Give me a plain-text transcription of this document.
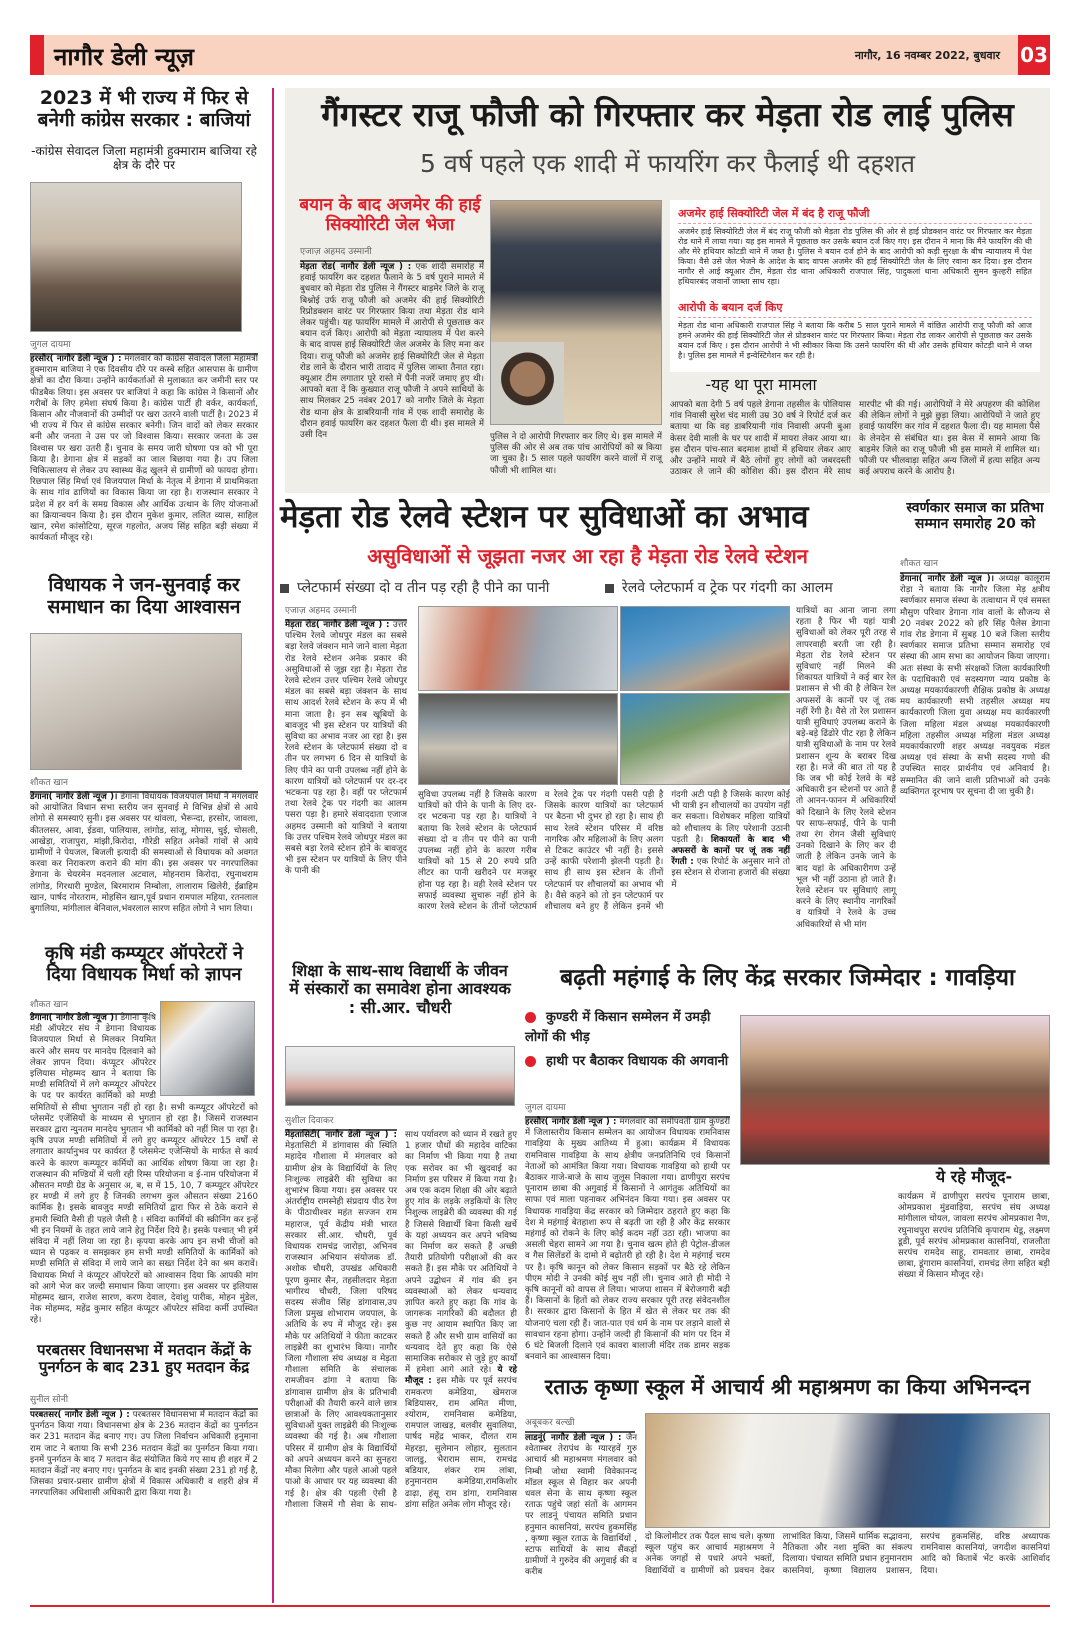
नागौर डेली न्यूज़	नागौर, 16 नवम्बर 2022, बुधवार 03
2023 में भी राज्य में फिर से बनेगी कांग्रेस सरकार : बाजियां
-कांग्रेस सेवादल जिला महामंत्री हुक्माराम बाजिया रहे क्षेत्र के दौरे पर
जुगल दायमा
हरसौर( नागौर डेली न्यूज ) : मंगलवार को कांग्रेस सेवादल जिला महामंत्री हुक्माराम बाजिया ने एक दिवसीय दौरे पर कस्बे सहित आसपास के ग्रामीण क्षेत्रों का दौरा किया। उन्होंने कार्यकर्ताओं से मुलाकात कर जमीनी स्तर पर फीडबैक लिया। इस अवसर पर बाजियां ने कहा कि कांग्रेस ने किसानों और गरीबों के लिए हमेशा संघर्ष किया है। कांग्रेस पार्टी ही वर्कर, कार्यकर्ता, किसान और नौजवानों की उम्मीदों पर खरा उतरने वाली पार्टी है। 2023 में भी राज्य में फिर से कांग्रेस सरकार बनेगी। जिन वादों को लेकर सरकार बनी और जनता ने उस पर जो विश्वास किया। सरकार जनता के उस विश्वास पर खरा उतरी हैं। चुनाव के समय जारी घोषणा पत्र को भी पूरा किया है। डेगाना क्षेत्र में सड़कों का जाल बिछाया गया है। उप जिला चिकित्सालय से लेकर उप स्वास्थ्य केंद्र खुलने से ग्रामीणों को फायदा होगा। रिछपाल सिंह मिर्धा एवं विजयपाल मिर्धा के नेतृत्व में डेगाना में प्राथमिकता के साथ गांव ढाणियों का विकास किया जा रहा है। राजस्थान सरकार ने प्रदेश में हर वर्ग के समग्र विकास और आर्थिक उत्थान के लिए योजनाओं का क्रियान्वयन किया है। इस दौरान मुकेश कुमार, ललित व्यास, साहिल खान, रमेश कांसोटिया, सूरज गहलोत, अजय सिंह सहित बड़ी संख्या में कार्यकर्ता मौजूद रहे।
विधायक ने जन-सुनवाई कर समाधान का दिया आश्वासन
शौकत खान
डेगाना( नागौर डेली न्यूज )। डेगाना विधायक विजयपाल मिर्धा ने मंगलवार को आयोजित विधान सभा स्तरीय जन सुनवाई मे विभिन्न क्षेत्रों से आये लोगो से समस्याएं सुनी। इस अवसर पर थांवला, भैरून्दा, हरसोर, जावला, कीतलसर, आवा, ईडवा, पालियास, लांगोड, सांजू, मोगास, चुई, चोसली, आखेड़ा, राजापुरा, मांझी,किरोदा, गौरेडी सहित अनेकों गांवों से आये ग्रामीणों ने पेयजल, बिजली इत्यादी की समस्याओं से विधायक को अवगत करवा कर निराकरण कराने की मांग की। इस अवसर पर नगरपालिका डेगाना के चेयरमेन मदनलाल अटवाल, मोहनराम किरोदा, रघुनाथराम लांगोड, गिरधारी मुण्डेल, बिरमाराम निम्बोला, लालाराम खिलेरी, ईब्राहिम खान, पार्षद नोरतराम, मोहसिन खान,पूर्व प्रधान रामपाल महिया, रतनलाल बुगालिया, मांगीलाल बेनिवाल,भंवरलाल सारण सहित लोगो ने भाग लिया।
कृषि मंडी कम्प्यूटर ऑपरेटरों ने दिया विधायक मिर्धा को ज्ञापन
शौकत खान
डेगाना( नागौर डेली न्यूज )। डेगाना कृषि मंडी ऑपरेटर संघ ने डेगाना विधायक विजयपाल मिर्धा से मिलकर नियमित करने और समय पर मानदेय दिलवाने को लेकर ज्ञापन दिया। कंप्यूटर ऑपरेटर इलियास मोहम्मद खान ने बताया कि मण्डी समितियों में लगे कम्प्यूटर ऑपरेटर के पद पर कार्यरत कार्मिकों को मण्डी समितियों से सीधा भुगतान नहीं हो रहा है। सभी कम्प्यूटर ऑपरेटरों को प्लेसमेंट एजेंसियों के माध्यम से भुगतान हो रहा है। जिसमें राजस्थान सरकार द्वारा न्युनतम मानदेय भुगतान भी कार्मिको को नहीं मिल पा रहा है। कृषि उपज मण्डी समितियों में लगे हुए कम्प्यूटर ऑपरेटर 15 वर्षों से लगातार कार्यानुभव पर कार्यरत हैं प्लेसमेन्ट एजेन्सियों के मार्फत से कार्य करने के कारण कम्प्यूटर कर्मियों का आर्थिक शोषण किया जा रहा है। राजस्थान की मण्डियों में चली रही रिम्स परियोजना व ई-नाम परियोजना में औसतन मण्डी ग्रेड के अनुसार अ, ब, स में 15, 10, 7 कम्प्यूटर ऑपरेटर हर मण्डी में लगे हुए है जिनकी लगभग कुल औसतन संख्या 2160 कार्मिक है। इसके बावजुद मण्डी समितियों द्वारा फिर से ठेके कराने से हमारी स्थिति वैसी ही पहले जैसी है । संविदा कार्मियों की स्क्रीनिंग कर इन्हें भी इन नियमों के तहत लाये जाने हेतु निर्देश दिये है। इसके पश्चात् भी हमें संविदा में नहीं लिया जा रहा है। कृपया करके आप इन सभी चीजों को ध्यान से पढ़कर व समझकर हम सभी मण्डी समितियों के कार्मिकों को मण्डी समिति से संविदा में लाये जाने का सख्त निर्देश देने का श्रम करावें। विधायक मिर्धा ने कंप्यूटर ऑपरेटरों को आश्वासन दिया कि आपकी मांग को आगे भेज कर जल्दी समाधान किया जाएगा। इस अवसर पर इलियास मोहम्मद खान, राजेश सारण, करण देवाल, देवांशु पारीक, मोहन मुंडेल, नेक मोहम्मद, महेंद्र कुमार सहित कंप्यूटर ऑपरेटर संविदा कर्मी उपस्थित रहे।
परबतसर विधानसभा में मतदान केंद्रों के पुनर्गठन के बाद 231 हुए मतदान केंद्र
सुनील सोनी
परबतसर( नागौर डेली न्यूज ) : परबतसर विधानसभा में मतदान केंद्रों का पुनर्गठन किया गया। विधानसभा क्षेत्र के 236 मतदान केंद्रों का पुनर्गठन कर 231 मतदान केंद्र बनाए गए। उप जिला निर्वाचन अधिकारी हनुमाना राम जाट ने बताया कि सभी 236 मतदान केंद्रों का पुनर्गठन किया गया। इनमें पुनर्गठन के बाद 7 मतदान केंद्र संयोजित किये गए साथ ही शहर में 2 मतदान केंद्रों नए बनाए गए। पुनर्गठन के बाद इनकी संख्या 231 हो गई है, जिसका प्रचार-प्रसार ग्रामीण क्षेत्रों में विकास अधिकारी व शहरी क्षेत्र में नगरपालिका अधिशासी अधिकारी द्वारा किया गया है।
गैंगस्टर राजू फौजी को गिरफ्तार कर मेड़ता रोड लाई पुलिस
5 वर्ष पहले एक शादी में फायरिंग कर फैलाई थी दहशत
बयान के बाद अजमेर की हाई सिक्योरिटी जेल भेजा
एजाज़ अहमद उस्मानी
मेड़ता रोड( नागौर डेली न्यूज ) : एक शादी समारोह में हवाई फायरिंग कर दहशत फैलाने के 5 वर्ष पुराने मामले में बुधवार को मेड़ता रोड पुलिस ने गैंगस्टर बाड़मेर जिले के राजू बिश्नोई उर्फ राजू फौजी को अजमेर की हाई सिक्योरिटी रिप्रोडक्शन वारंट पर गिरफ्तार किया तथा मेड़ता रोड थाने लेकर पहुंची। यह फायरिंग मामले में आरोपी से पूछताछ कर बयान दर्ज किए। आरोपी को मेड़ता न्यायालय में पेश करने के बाद वापस हाई सिक्योरिटी जेल अजमेर के लिए मना कर दिया। राजू फौजी को अजमेर हाई सिक्योरिटी जेल से मेड़ता रोड लाने के दौरान भारी तादाद में पुलिस जाब्ता तैनात रहा। क्यूआर टीम लगातार पूरे रास्ते में पैनी नजरें जमाए हुए थी। आपको बता दें कि कुख्यात राजू फौजी ने अपने साथियों के साथ मिलकर 25 नवंबर 2017 को नागौर जिले के मेड़ता रोड थाना क्षेत्र के डाबरियानी गांव में एक शादी समारोह के दौरान हवाई फायरिंग कर दहशत फैला दी थी। इस मामले में उसी दिन	पुलिस ने दो आरोपी गिरफ्तार कर लिए थे। इस मामले में पुलिस की ओर से अब तक पांच आरोपियों को स्र किया जा चुका है। 5 साल पहले फायरिंग करने वालों में राजू फौजी भी शामिल था।
अजमेर हाई सिक्योरिटी जेल में बंद है राजू फौजी
अजमेर हाई सिक्योरिटी जेल में बंद राजू फौजी को मेड़ता रोड पुलिस की ओर से हाई प्रोडक्शन वारंट पर गिरफ्तार कर मेड़ता रोड थाने में लाया गया। यह इस मामले में पूछताछ कर उसके बयान दर्ज किए गए। इस दौरान ने माना कि मैंने फायरिंग की थी और मेरे हथियार कोटडी थाने में जब्त है। पुलिस ने बयान दर्ज होने के बाद आरोपी को कड़ी सुरक्षा के बीच न्यायालय में पेश किया। वैसे उसे जेल भेजने के आदेश के बाद वापस अजमेर की हाई सिक्योरिटी जेल के लिए रवाना कर दिया। इस दौरान नागौर से आई क्यूआर टीम, मेड़ता रोड थाना अधिकारी राजपाल सिंह, पादुकलां थाना अधिकारी सुमन कुल्हरी सहित हथियारबंद जवानों जाब्ता साथ रहा।
आरोपी के बयान दर्ज किए
मेड़ता रोड थाना अधिकारी राजपाल सिंह ने बताया कि करीब 5 साल पुराने मामले में वांछित आरोपी राजू फौजी को आज हमने अजमेर की हाई सिक्योरिटी जेल से प्रोडक्शन वारंट पर गिरफ्तार किया। मेड़ता रोड लाकर आरोपी से पूछताछ कर उसके बयान दर्ज किए । इस दौरान आरोपी ने भी स्वीकार किया कि उसने फायरिंग की थी और उसके हथियार कोटड़ी थाने मे जब्त है। पुलिस इस मामले में इन्वेस्टिगेशन कर रही है।
-यह था पूरा मामला
आपको बता देगी 5 वर्ष पहले डेगाना तहसील के पोलियास गांव निवासी सुरेश चंद माली उम्र 30 वर्ष ने रिपोर्ट दर्ज कर बताया था कि वह डाबरियानी गांव निवासी अपनी बुआ केसर देवी माली के घर पर शादी में मायरा लेकर आया था। इस दौरान पांच-सात बदमाश हाथों में हथियार लेकर आए और उन्होंने मायरे में बैठे लोगों हुए लोगों को जबरदस्ती उठाकर ले जाने की कोशिश की। इस दौरान मेरे साथ मारपीट भी की गई। आरोपियों ने मेरे अपहरण की कोशिश की लेकिन लोगों ने मुझे छुड़ा लिया। आरोपियों ने जाते हुए हवाई फायरिंग कर गांव में दहशत फैला दी। यह मामला पैसे के लेनदेन से संबंधित था। इस केस में सामने आया कि बाड़मेर जिले का राजू फौजी भी इस मामले में शामिल था। फौजी पर भीलवाड़ा सहित अन्य जिलों में हत्या सहित अन्य कई अपराध करने के आरोप है।
मेड़ता रोड रेलवे स्टेशन पर सुविधाओं का अभाव
असुविधाओं से जूझता नजर आ रहा है मेड़ता रोड रेलवे स्टेशन
प्लेटफार्म संख्या दो व तीन पड़ रही है पीने का पानी	रेलवे प्लेटफार्म व ट्रेक पर गंदगी का आलम
एजाज़ अहमद उस्मानी
मेड़ता रोड( नागौर डेली न्यूज ) : उत्तर पश्चिम रेलवे जोधपुर मंडल का सबसे बड़ा रेलवे जंक्शन माने जाने वाला मेड़ता रोड रेलवे स्टेशन अनेक प्रकार की असुविधाओं से जूझ रहा है। मेड़ता रोड रेलवे स्टेशन उत्तर पश्चिम रेलवे जोधपुर मंडल का सबसे बड़ा जंक्शन के साथ साथ आदर्श रेलवे स्टेशन के रूप में भी माना जाता है। इन सब खूबियों के बावजूद भी इस स्टेशन पर यात्रियों की सुविधा का अभाव नजर आ रहा है। इस रेलवे स्टेशन के प्लेटफार्म संख्या दो व तीन पर लगभग 6 दिन से यात्रियों के लिए पीने का पानी उपलब्ध नहीं होने के कारण यात्रियों को प्लेटफार्म पर दर-दर भटकना पड़ रहा है। वहीं पर प्लेटफार्म तथा रेलवे ट्रेक पर गंदगी का आलम पसरा पड़ा है। हमारे संवाददाता एजाज अहमद उस्मानी को यात्रियों ने बताया कि उत्तर पश्चिम रेलवे जोधपुर मंडल का सबसे बड़ा रेलवे स्टेशन होने के बावजूद भी इस स्टेशन पर यात्रियों के लिए पीने के पानी की
सुविधा उपलब्ध नहीं है जिसके कारण यात्रियों को पीने के पानी के लिए दर-दर भटकना पड़ रहा है। यात्रियों ने बताया कि रेलवे स्टेशन के प्लेटफार्म संख्या दो व तीन पर पीने का पानी उपलब्ध नहीं होने के कारण गरीब यात्रियों को 15 से 20 रुपये प्रति लीटर का पानी खरीदने पर मजबूर होना पड़ रहा है। वही रेलवे स्टेशन पर सफाई व्यवस्था सुचारू नहीं होने के कारण रेलवे स्टेशन के तीनों प्लेटफार्म व रेलवे ट्रेक पर गंदगी पसरी पड़ी है जिसके कारण यात्रियों का प्लेटफार्म पर बैठना भी दुभर हो रहा है। साथ ही साथ रेलवे स्टेशन परिसर में वरिष्ठ नागरिक और महिलाओं के लिए अलग से टिकट काउंटर भी नहीं है। इससे उन्हें काफी परेशानी झेलनी पड़ती है। साथ ही साथ इस स्टेशन के तीनों प्लेटफार्म पर शौचालयों का अभाव भी है। वैसे कहने को तो इन प्लेटफार्म पर शौचालय बने हुए हैं लेकिन इनमें भी गंदगी अटी पड़ी है जिसके कारण कोई भी यात्री इन शौचालयों का उपयोग नहीं कर सकता। विशेषकर महिला यात्रियों को शौचालय के लिए परेशानी उठानी पड़ती है। शिकायतों के बाद भी अफसरों के कानों पर जूं तक नहीं रेंगती : एक रिपोर्ट के अनुसार माने तो इस स्टेशन से रोजाना हजारों की संख्या में
यात्रियों का आना जाना लगा रहता है फिर भी यहां यात्री सुविधाओं को लेकर पूरी तरह से लापरवाही बरती जा रही है। मेड़ता रोड रेलवे स्टेशन पर सुविधाएं नहीं मिलने की शिकायत यात्रियों ने कई बार रेल प्रशासन से भी की है लेकिन रेल अफसरों के कानों पर जूं तक नहीं रेंगी है। वैसे तो रेल प्रशासन यात्री सुविधाएं उपलब्ध कराने के बड़े-बड़े ढिंढोरे पीट रहा है लेकिन यात्री सुविधाओं के नाम पर रेलवे प्रशासन शून्य के बराबर दिख रहा है। मजे की बात तो यह है कि जब भी कोई रेलवे के बड़े अधिकारी इन स्टेशनों पर आते हैं तो आनन-फानन में अधिकारियों को दिखाने के लिए रेलवे स्टेशन पर साफ-सफाई, पीने के पानी तथा रंग रोगन जैसी सुविधाएं उनको दिखाने के लिए कर दी जाती है लेकिन उनके जाने के बाद यहां के अधिकारीगण उन्हें भूल भी नहीं उठाना हो जाते हैं। रेलवे स्टेशन पर सुविधाएं लागू करने के लिए स्थानीय नागरिकों व यात्रियों ने रेलवे के उच्च अधिकारियों से भी मांग
स्वर्णकार समाज का प्रतिभा सम्मान समारोह 20 को
शौकत खान
डेगाना( नागौर डेली न्यूज )। अध्यक्ष कालूराम रोड़ा ने बताया कि नागौर जिला मेड़ क्षत्रीय स्वर्णकार समाज संस्था के तत्वाधान में एवं समस्त मौसुण परिवार डेगाना गांव वालों के सौजन्य से 20 नवंबर 2022 को हरि सिंह पैलेस डेगाना गांव रोड डेगाना में सुबह 10 बजे जिला स्तरीय स्वर्णकार समाज प्रतिभा सम्मान समारोह एवं संस्था की आम सभा का आयोजन किया जाएगा। अतः संस्था के सभी संरक्षकों जिला कार्यकारिणी के पदाधिकारी एवं सदस्यगण न्याय प्रकोष्ठ के अध्यक्ष मयकार्यकारणी शैक्षिक प्रकोष्ठ के अध्यक्ष मय कार्यकारणी सभी तहसील अध्यक्ष मय कार्यकारणी जिला युवा अध्यक्ष मय कार्यकारणी जिला महिला मंडल अध्यक्ष मयकार्यकारणी महिला तहसील अध्यक्ष महिला मंडल अध्यक्ष मयकार्यकारणी शहर अध्यक्ष नवयुवक मंडल अध्यक्ष एवं संस्था के सभी सदस्य गणो की उपस्थित सादर प्रार्थनीय एवं अनिवार्य है। सम्मानित की जाने वाली प्रतिभाओं को उनके व्यक्तिगत दूरभाष पर सूचना दी जा चुकी है।
शिक्षा के साथ-साथ विद्यार्थी के जीवन में संस्कारों का समावेश होना आवश्यक : सी.आर. चौधरी
सुशील दिवाकर
मेड़तासिटी( नागौर डेली न्यूज ) : मेड़तासिटी में डांगावास की स्थिति महादेव गौशाला में मंगलवार को ग्रामीण क्षेत्र के विद्यार्थियों के लिए निःशुल्क लाइब्रेरी की सुविधा का शुभारंभ किया गया। इस अवसर पर अंतर्राष्ट्रीय रामस्नेही संप्रदाय पीठ रेण के पीठाधीश्वर महंत सज्जन राम महाराज, पूर्व केंद्रीय मंत्री भारत सरकार सी.आर. चौधरी, पूर्व विधायक रामचंद्र जारोड़ा, अभिनव राजस्थान अभियान संयोजक डॉ. अशोक चौधरी, उपखंड अधिकारी पूरण कुमार सैन, तहसीलदार मेड़ता भागीरथ चौधरी, जिला परिषद सदस्य संजीव सिंह डांगावास,उप जिला प्रमुख शोभाराम जयपाल, के अतिथि के रुप में मौजूद रहे। इस मौके पर अतिथियों ने फीता काटकर लाइब्रेरी का शुभारंभ किया। नागौर जिला गौशाला संघ अध्यक्ष व मेड़ता गौशाला समिति के संचालक रामजीवन ढांगा ने बताया कि डांगावास ग्रामीण क्षेत्र के प्रतिभावी परीक्षाओं की तैयारी करने वाले छात्र छात्राओं के लिए आवश्यकतानुसार सुविधाओं युक्त लाइब्रेरी की निःशुल्क व्यवस्था की गई है। अब गौशाला परिसर में ग्रामीण क्षेत्र के विद्यार्थियों को अपने अध्ययन करने का सुनहरा मौका मिलेगा और पहले आओ पहले पाओ के आधार पर यह व्यवस्था की गई है। क्षेत्र की पहली ऐसी है गौशाला जिसमें गौ सेवा के साथ-साथ पर्यावरण को ध्यान में रखते हुए 1 हजार पौधों की महादेव वाटिका का निर्माण भी किया गया है तथा एक सरोवर का भी खुदवाई का निर्माण इस परिसर में किया गया है। अब एक कदम शिक्षा की ओर बढ़ाते हुए गांव के लड़के लड़कियों के लिए निशुल्क लाइब्रेरी की व्यवस्था की गई है जिससे विद्यार्थी बिना किसी खर्चे के यहां अध्ययन कर अपने भविष्य का निर्माण कर सकते हैं अच्छी तैयारी प्रतियोगी परीक्षाओं की कर सकते हैं। इस मौके पर अतिथियों ने अपने उद्बोधन में गांव की इन व्यवस्थाओं को लेकर धन्यवाद ज्ञापित करते हुए कहा कि गांव के जागरूक नागरिकों की बदौलत ही कुछ नए आयाम स्थापित किए जा सकते हैं और सभी ग्राम वासियों का धन्यवाद देते हुए कहा कि ऐसे सामाजिक सरोकार से जुड़े हुए कार्यों में हमेशा आगे आते रहे। ये रहे मौजूद : इस मौके पर पूर्व सरपंच रामकरण कमेडिया, खेमराज बिडियासर, राम अमित मीणा, श्योराम, रामनिवास कमेडिया, रामपाल जाखड़, बलवीर सुवालिया, पार्षद महेंद्र भाकर, दौलत राम मेहरड़ा, सुलेमान लोहार, सुलतान जालडु, भैराराम साम, रामचंद्र बडियार, शंकर राम लांबा, हनुमानराम कमेडिया,रामकिशोर ढाढ़ा, हंसू राम डांगा, रामनिवास डांगा सहित अनेक लोग मौजूद रहे।
बढ़ती महंगाई के लिए केंद्र सरकार जिम्मेदार : गावड़िया
कुण्डरी में किसान सम्मेलन में उमड़ी लोगों की भीड़
हाथी पर बैठाकर विधायक की अगवानी
जुगल दायमा
हरसौर( नागौर डेली न्यूज ) : मंगलवार को समीपवर्ती ग्राम कुण्डरी में जिलास्तरीय किसान सम्मेलन का आयोजन विधायक रामनिवास गावड़िया के मुख्य आतिथ्य में हुआ। कार्यक्रम में विधायक रामनिवास गावड़िया के साथ क्षेत्रीय जनप्रतिनिधि एवं किसानों नेताओं को आमंत्रित किया गया। विधायक गावड़िया को हाथी पर बैठाकर गाजे-बाजे के साथ जुलूस निकाला गया। ढाणीपुरा सरपंच पूनाराम छाबा की अगुवाई में किसानों ने आगंतुक अतिथियों का साफा एवं माला पहनाकर अभिनंदन किया गया। इस अवसर पर विधायक गावड़िया केंद्र सरकार को जिम्मेदार ठहराते हुए कहा कि देश मे महंगाई बेतहाशा रूप से बढ़ती जा रही है और केंद्र सरकार महंगाई को रोकने के लिए कोई कदम नहीं उठा रही। भाजपा का असली चेहरा सामने आ गया है। चुनाव खत्म होते ही पेट्रोल-डीजल व गैस सिलेंडरों के दामो में बढ़ोतरी हो रही है। देश मे महंगाई चरम पर है। कृषि कानून को लेकर किसान सड़कों पर बैठे रहे लेकिन पीएम मोदी ने उनकी कोई सुध नहीं ली। चुनाव आते ही मोदी ने कृषि कानूनों को वापस ले लिया। भाजपा शासन में बेरोजगारी बढ़ी हैं। किसानों के हितों को लेकर राज्य सरकार पूरी तरह संवेदनशील है। सरकार द्वारा किसानों के हित में खेत से लेकर घर तक की योजनाएं चला रही हैं। जात-पात एवं धर्म के नाम पर लड़ाने वालों से सावधान रहना होगा। उन्होंने जल्दी ही किसानों की मांग पर दिन में 6 घंटे बिजली दिलाने एवं कावरा बालाजी मंदिर तक डामर सड़क बनवाने का आश्वासन दिया।
ये रहे मौजूद-
कार्यक्रम में ढाणीपुरा सरपंच पूनाराम छाबा, ओमप्रकाश मुंडवाड़िया, सरपंच संघ अध्यक्ष मांगीलाल चोयल, जावला सरपंच ओमप्रकाश नैण, रघुनाथपुरा सरपंच प्रतिनिधि कृपाराम धेडू, लक्ष्मण डूडी, पूर्व सरपंच ओमप्रकाश कासनियां, राजलौता सरपंच रामदेव साहू, रामवतार छाबा, रामदेव छाबा, डूंगाराम कासनियां, रामचंद्र लेगा सहित बड़ी संख्या में किसान मौजूद रहे।
रताऊ कृष्णा स्कूल में आचार्य श्री महाश्रमण का किया अभिनन्दन
अबूबकर बल्खी
लाडनूं( नागौर डेली न्यूज ) : जैन श्वेताम्बर तेरापंथ के ग्यारहवें गुरु आचार्य श्री महाश्रमण मंगलवार को निम्बी जोधा स्वामी विवेकानन्द मॉडल स्कूल से विहार कर अपनी धवल सेना के साथ कृष्णा स्कूल रताऊ पहुंचे जहां संतों के आगमन पर लाडनूं पंचायत समिति प्रधान हनुमान कासनियां, सरपंच हुकमसिंह , कृष्णा स्कूल रताऊ के विद्यार्थियों , स्टाफ साथियों के साथ सैंकड़ों ग्रामीणों ने गुरुदेव की अगुवाई की व करीब
दो किलोमीटर तक पैदल साथ चले। कृष्णा स्कूल पहुंच कर आचार्य महाश्रमण ने अनेक जगहों से पधारे अपने भक्तों, विद्यार्थियों व ग्रामीणों को प्रवचन देकर लाभांवित किया, जिसमें धार्मिक सद्भावना, नैतिकता और नशा मुक्ति का संकल्प दिलाया। पंचायत समिति प्रधान हनुमानराम कासनियां, कृष्णा विद्यालय प्रशासन, सरपंच हुकमसिंह, वरिष्ठ अध्यापक रामनिवास कासनियां, जगदीश कासनियां आदि को किताबें भेंट करके आशिर्वाद दिया।
